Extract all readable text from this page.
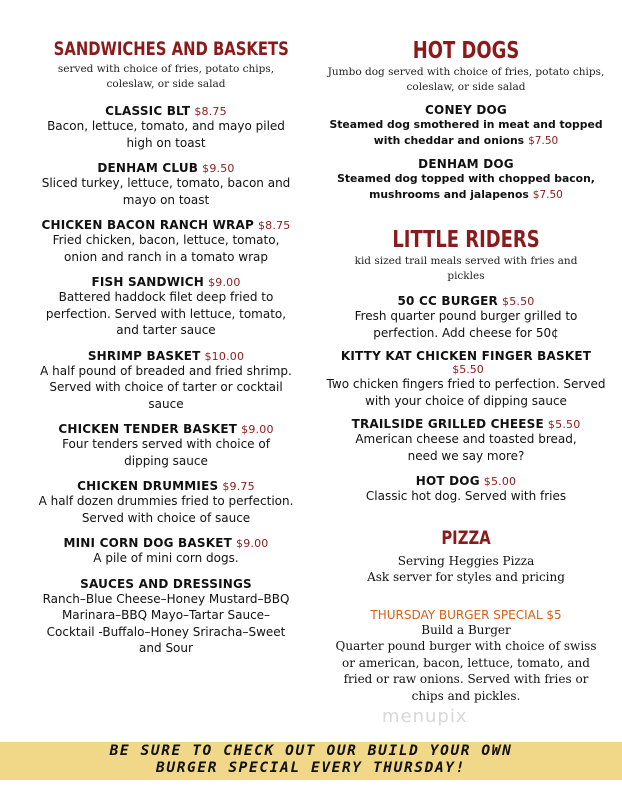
SANDWICHES AND BASKETS
served with choice of fries, potato chips, coleslaw, or side salad
CLASSIC BLT $8.75
Bacon, lettuce, tomato, and mayo piled high on toast
DENHAM CLUB $9.50
Sliced turkey, lettuce, tomato, bacon and mayo on toast
CHICKEN BACON RANCH WRAP $8.75
Fried chicken, bacon, lettuce, tomato, onion and ranch in a tomato wrap
FISH SANDWICH $9.00
Battered haddock filet deep fried to perfection. Served with lettuce, tomato, and tarter sauce
SHRIMP BASKET $10.00
A half pound of breaded and fried shrimp. Served with choice of tarter or cocktail sauce
CHICKEN TENDER BASKET $9.00
Four tenders served with choice of dipping sauce
CHICKEN DRUMMIES $9.75
A half dozen drummies fried to perfection. Served with choice of sauce
MINI CORN DOG BASKET $9.00
A pile of mini corn dogs.
SAUCES AND DRESSINGS
Ranch–Blue Cheese–Honey Mustard–BBQ Marinara–BBQ Mayo–Tartar Sauce–Cocktail -Buffalo–Honey Sriracha–Sweet and Sour
HOT DOGS
Jumbo dog served with choice of fries, potato chips, coleslaw, or side salad
CONEY DOG
Steamed dog smothered in meat and topped with cheddar and onions $7.50
DENHAM DOG
Steamed dog topped with chopped bacon, mushrooms and jalapenos $7.50
LITTLE RIDERS
kid sized trail meals served with fries and pickles
50 CC BURGER $5.50
Fresh quarter pound burger grilled to perfection. Add cheese for 50¢
KITTY KAT CHICKEN FINGER BASKET
$5.50
Two chicken fingers fried to perfection. Served with your choice of dipping sauce
TRAILSIDE GRILLED CHEESE $5.50
American cheese and toasted bread, need we say more?
HOT DOG $5.00
Classic hot dog. Served with fries
PIZZA
Serving Heggies Pizza
Ask server for styles and pricing
THURSDAY BURGER SPECIAL $5
Build a Burger
Quarter pound burger with choice of swiss or american, bacon, lettuce, tomato, and fried or raw onions. Served with fries or chips and pickles.
menupix
BE SURE TO CHECK OUT OUR BUILD YOUR OWN
BURGER SPECIAL EVERY THURSDAY!
